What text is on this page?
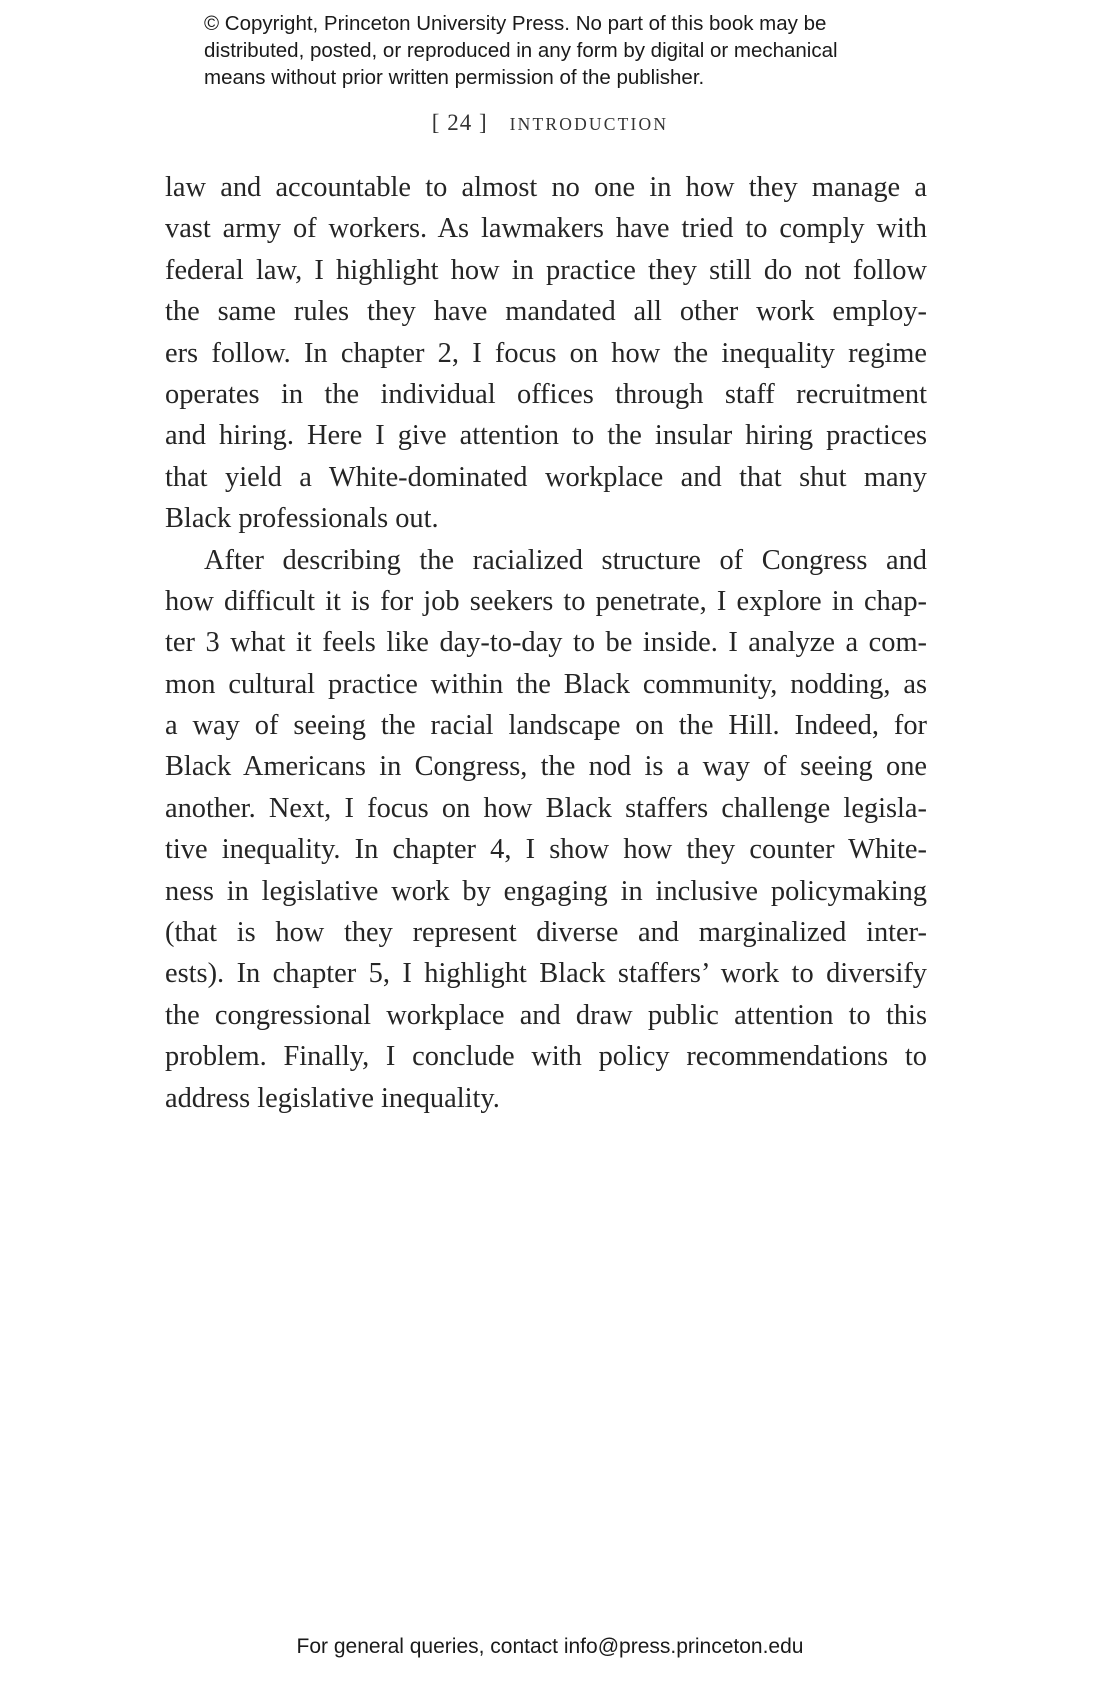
© Copyright, Princeton University Press. No part of this book may be
distributed, posted, or reproduced in any form by digital or mechanical
means without prior written permission of the publisher.
[ 24 ] INTRODUCTION
law and accountable to almost no one in how they manage a
vast army of workers. As lawmakers have tried to comply with
federal law, I highlight how in practice they still do not follow
the same rules they have mandated all other work employ-
ers follow. In chapter 2, I focus on how the inequality regime
operates in the individual offices through staff recruitment
and hiring. Here I give attention to the insular hiring practices
that yield a White-dominated workplace and that shut many
Black professionals out.
After describing the racialized structure of Congress and
how difficult it is for job seekers to penetrate, I explore in chap-
ter 3 what it feels like day-to-day to be inside. I analyze a com-
mon cultural practice within the Black community, nodding, as
a way of seeing the racial landscape on the Hill. Indeed, for
Black Americans in Congress, the nod is a way of seeing one
another. Next, I focus on how Black staffers challenge legisla-
tive inequality. In chapter 4, I show how they counter White-
ness in legislative work by engaging in inclusive policymaking
(that is how they represent diverse and marginalized inter-
ests). In chapter 5, I highlight Black staffers’ work to diversify
the congressional workplace and draw public attention to this
problem. Finally, I conclude with policy recommendations to
address legislative inequality.
For general queries, contact info@press.princeton.edu
